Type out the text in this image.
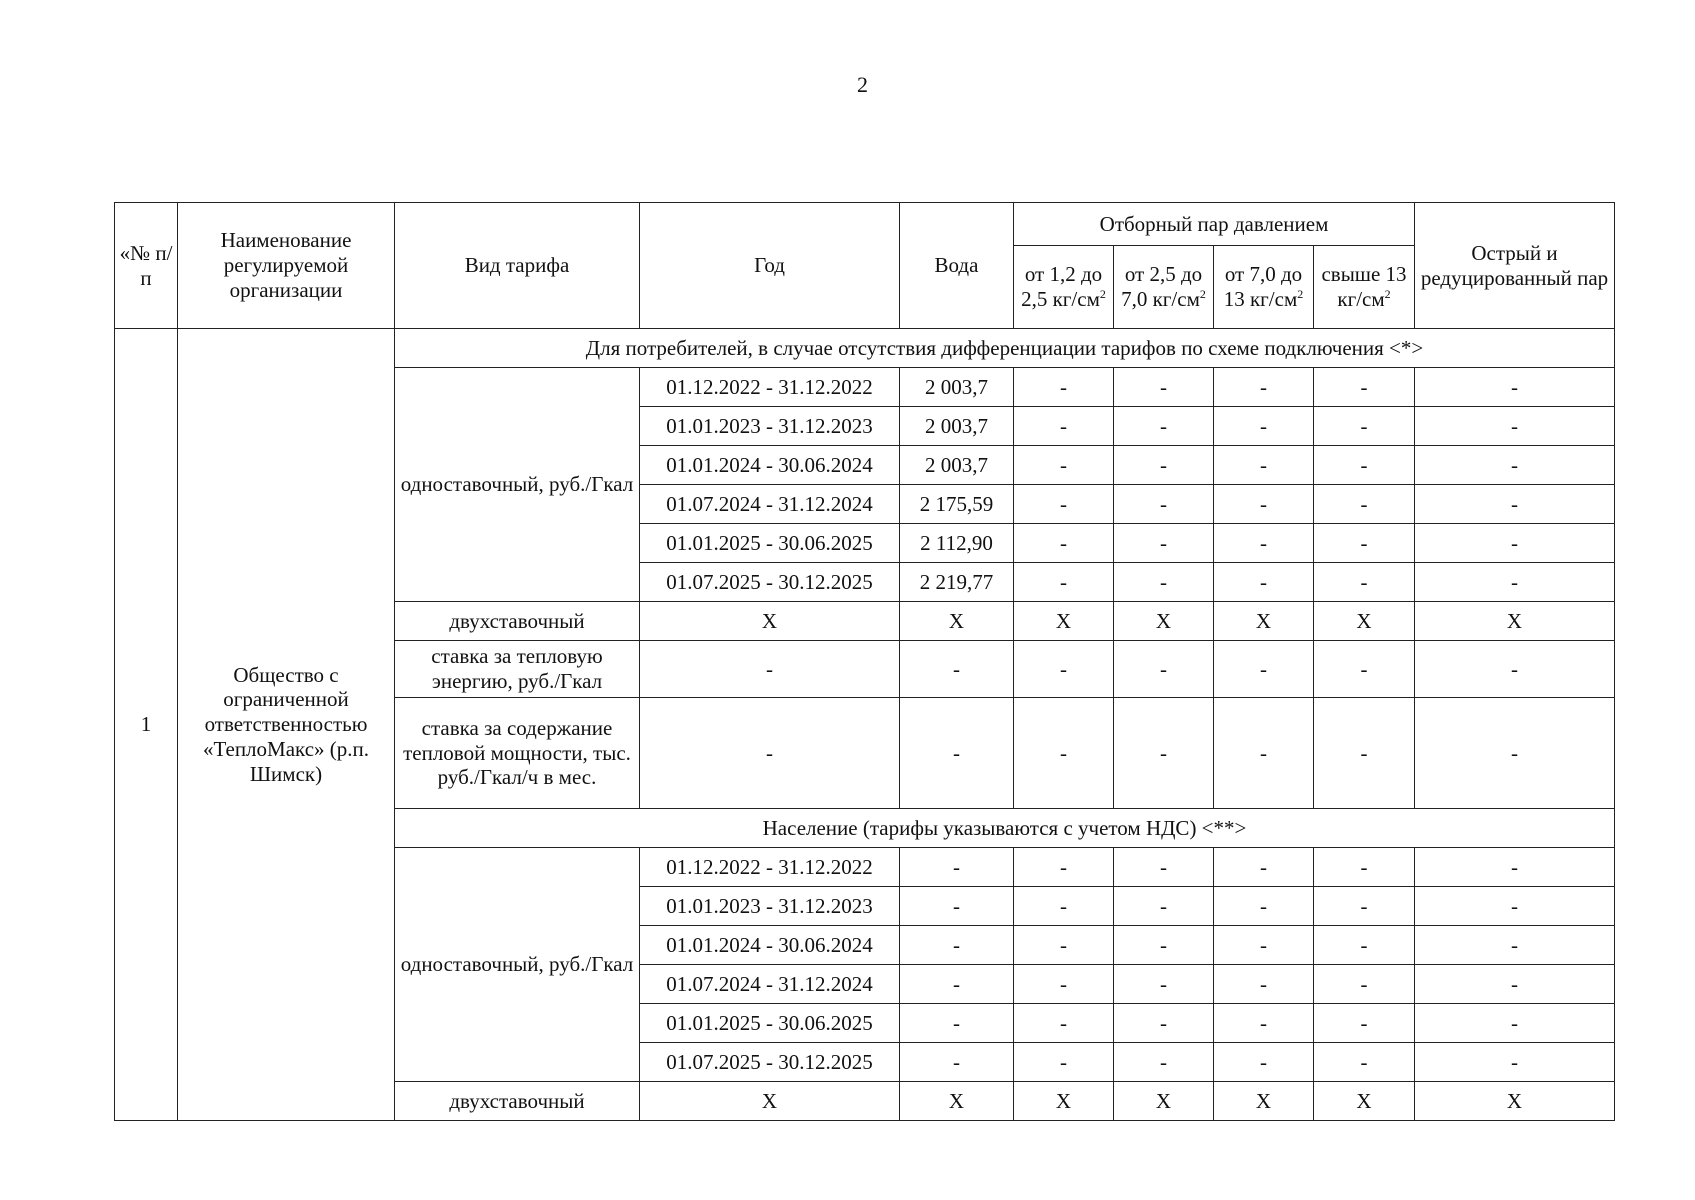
2
«№ п/п	Наименование регулируемой организации	Вид тарифа	Год	Вода	Отборный пар давлением				Острый и редуцированный пар
					от 1,2 до 2,5 $кг/см^2$	от 2,5 до 7,0 $кг/см^2$	от 7,0 до 13 $кг/см^2$	свыше 13 $кг/см^2$
1	Общество с ограниченной ответственностью «ТеплоМакс» (р.п. Шимск)	Для потребителей, в случае отсутствия дифференциации тарифов по схеме подключения <*>							
		одноставочный, руб./Гкал	01.12.2022 - 31.12.2022	2 003,7	-	-	-	-	-
			01.01.2023 - 31.12.2023	2 003,7	-	-	-	-	-
			01.01.2024 - 30.06.2024	2 003,7	-	-	-	-	-
			01.07.2024 - 31.12.2024	2 175,59	-	-	-	-	-
			01.01.2025 - 30.06.2025	2 112,90	-	-	-	-	-
			01.07.2025 - 30.12.2025	2 219,77	-	-	-	-	-
		двухставочный	X	X	X	X	X	X	X
		ставка за тепловую энергию, руб./Гкал	-	-	-	-	-	-	-
		ставка за содержание тепловой мощности, тыс. руб./Гкал/ч в мес.	-	-	-	-	-	-	-
		Население (тарифы указываются с учетом НДС) <**>							
		одноставочный, руб./Гкал	01.12.2022 - 31.12.2022	-	-	-	-	-	-
			01.01.2023 - 31.12.2023	-	-	-	-	-	-
			01.01.2024 - 30.06.2024	-	-	-	-	-	-
			01.07.2024 - 31.12.2024	-	-	-	-	-	-
			01.01.2025 - 30.06.2025	-	-	-	-	-	-
			01.07.2025 - 30.12.2025	-	-	-	-	-	-
		двухставочный	X	X	X	X	X	X	X
